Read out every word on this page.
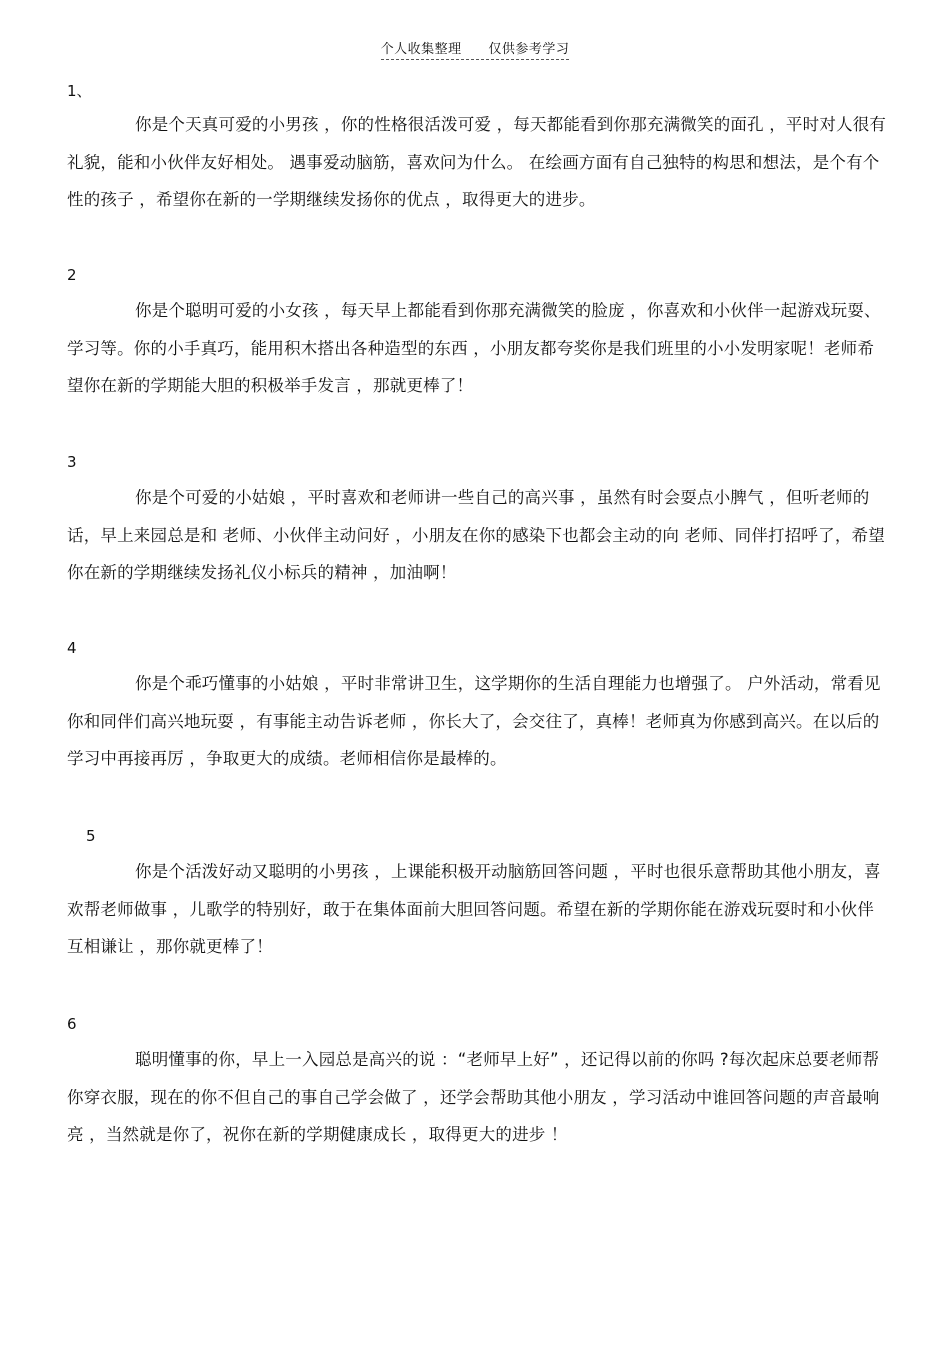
个人收集整理 仅供参考学习
1、

你是个天真可爱的小男孩 ，你的性格很活泼可爱 ，每天都能看到你那充满微笑的面孔 ，平时对人很有礼貌，能和小伙伴友好相处。 遇事爱动脑筋，喜欢问为什么。 在绘画方面有自己独特的构思和想法，是个有个性的孩子 ，希望你在新的一学期继续发扬你的优点 ，取得更大的进步。

2

你是个聪明可爱的小女孩 ，每天早上都能看到你那充满微笑的脸庞 ，你喜欢和小伙伴一起游戏玩耍、学习等。你的小手真巧，能用积木搭出各种造型的东西 ，小朋友都夸奖你是我们班里的小小发明家呢！老师希望你在新的学期能大胆的积极举手发言 ，那就更棒了！

3

你是个可爱的小姑娘 ，平时喜欢和老师讲一些自己的高兴事 ，虽然有时会耍点小脾气 ，但听老师的话，早上来园总是和 老师、小伙伴主动问好 ，小朋友在你的感染下也都会主动的向 老师、同伴打招呼了，希望你在新的学期继续发扬礼仪小标兵的精神 ，加油啊！

4

你是个乖巧懂事的小姑娘 ，平时非常讲卫生，这学期你的生活自理能力也增强了。 户外活动，常看见你和同伴们高兴地玩耍 ，有事能主动告诉老师 ，你长大了，会交往了，真棒！老师真为你感到高兴。在以后的学习中再接再厉 ，争取更大的成绩。老师相信你是最棒的。

5

你是个活泼好动又聪明的小男孩 ，上课能积极开动脑筋回答问题 ，平时也很乐意帮助其他小朋友，喜欢帮老师做事 ，儿歌学的特别好，敢于在集体面前大胆回答问题。希望在新的学期你能在游戏玩耍时和小伙伴互相谦让 ，那你就更棒了！

6

聪明懂事的你，早上一入园总是高兴的说 ：“老师早上好” ，还记得以前的你吗 ?每次起床总要老师帮你穿衣服，现在的你不但自己的事自己学会做了 ，还学会帮助其他小朋友 ，学习活动中谁回答问题的声音最响亮 ，当然就是你了，祝你在新的学期健康成长 ，取得更大的进步 ！
